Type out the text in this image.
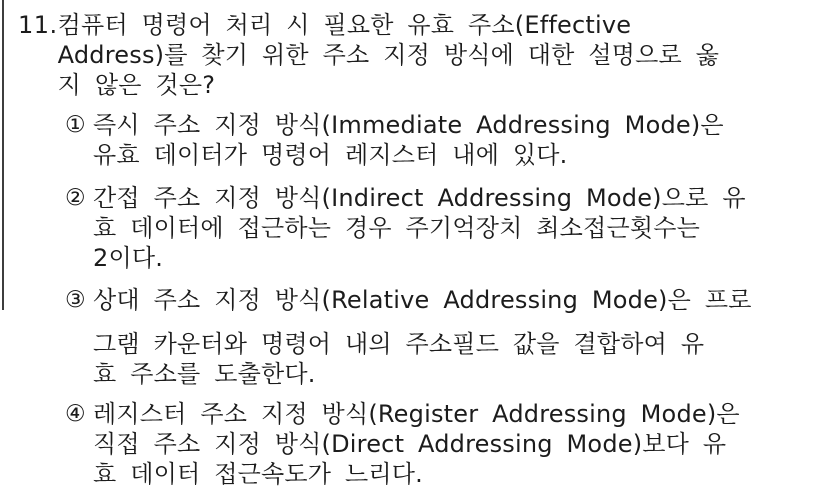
11. 컴퓨터 명령어 처리 시 필요한 유효 주소(Effective
Address)를 찾기 위한 주소 지정 방식에 대한 설명으로 옳
지 않은 것은?
① 즉시 주소 지정 방식(Immediate Addressing Mode)은
유효 데이터가 명령어 레지스터 내에 있다.
② 간접 주소 지정 방식(Indirect Addressing Mode)으로 유
효 데이터에 접근하는 경우 주기억장치 최소접근횟수는
2이다.
③ 상대 주소 지정 방식(Relative Addressing Mode)은 프로
그램 카운터와 명령어 내의 주소필드 값을 결합하여 유
효 주소를 도출한다.
④ 레지스터 주소 지정 방식(Register Addressing Mode)은
직접 주소 지정 방식(Direct Addressing Mode)보다 유
효 데이터 접근속도가 느리다.
